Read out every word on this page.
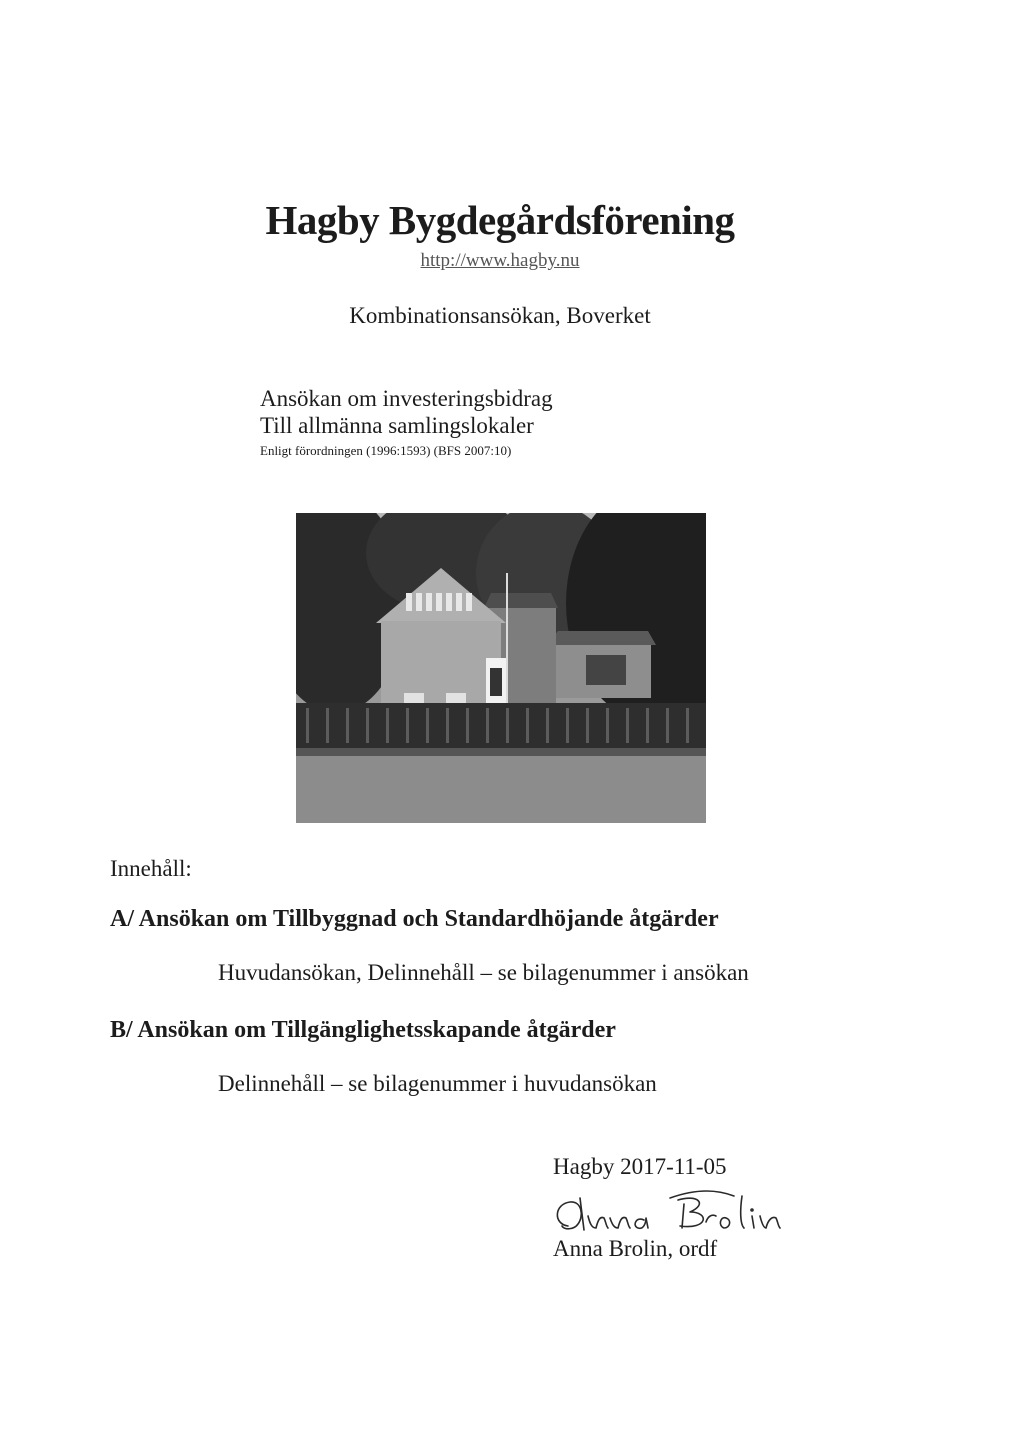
Hagby Bygdegårdsförening
http://www.hagby.nu
Kombinationsansökan, Boverket
Ansökan om investeringsbidrag
Till allmänna samlingslokaler
Enligt förordningen (1996:1593) (BFS 2007:10)
Innehåll:
A/ Ansökan om Tillbyggnad och Standardhöjande åtgärder
Huvudansökan, Delinnehåll – se bilagenummer i ansökan
B/ Ansökan om Tillgänglighetsskapande åtgärder
Delinnehåll – se bilagenummer i huvudansökan
Hagby 2017-11-05
Anna Brolin, ordf
